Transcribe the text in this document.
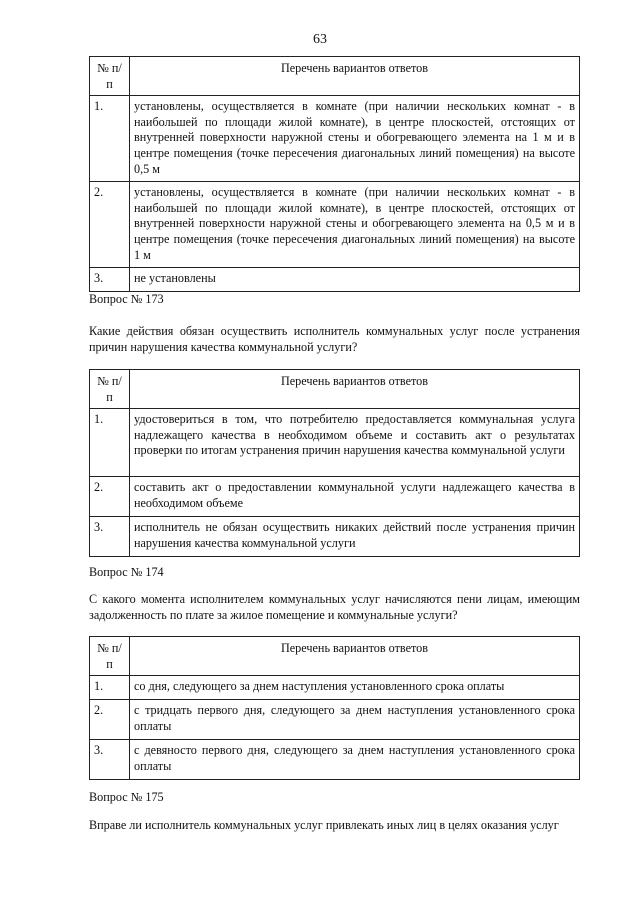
63
№ п/п	Перечень вариантов ответов
1.	установлены, осуществляется в комнате (при наличии нескольких комнат - в наибольшей по площади жилой комнате), в центре плоскостей, отстоящих от внутренней поверхности наружной стены и обогревающего элемента на 1 м и в центре помещения (точке пересечения диагональных линий помещения) на высоте 0,5 м
2.	установлены, осуществляется в комнате (при наличии нескольких комнат - в наибольшей по площади жилой комнате), в центре плоскостей, отстоящих от внутренней поверхности наружной стены и обогревающего элемента на 0,5 м и в центре помещения (точке пересечения диагональных линий помещения) на высоте 1 м
3.	не установлены
Вопрос № 173
Какие действия обязан осуществить исполнитель коммунальных услуг после устранения причин нарушения качества коммунальной услуги?
№ п/п	Перечень вариантов ответов
1.	удостовериться в том, что потребителю предоставляется коммунальная услуга надлежащего качества в необходимом объеме и составить акт о результатах проверки по итогам устранения причин нарушения качества коммунальной услуги
2.	составить акт о предоставлении коммунальной услуги надлежащего качества в необходимом объеме
3.	исполнитель не обязан осуществить никаких действий после устранения причин нарушения качества коммунальной услуги
Вопрос № 174
С какого момента исполнителем коммунальных услуг начисляются пени лицам, имеющим задолженность по плате за жилое помещение и коммунальные услуги?
№ п/п	Перечень вариантов ответов
1.	со дня, следующего за днем наступления установленного срока оплаты
2.	с тридцать первого дня, следующего за днем наступления установленного срока оплаты
3.	с девяносто первого дня, следующего за днем наступления установленного срока оплаты
Вопрос № 175
Вправе ли исполнитель коммунальных услуг привлекать иных лиц в целях оказания услуг
